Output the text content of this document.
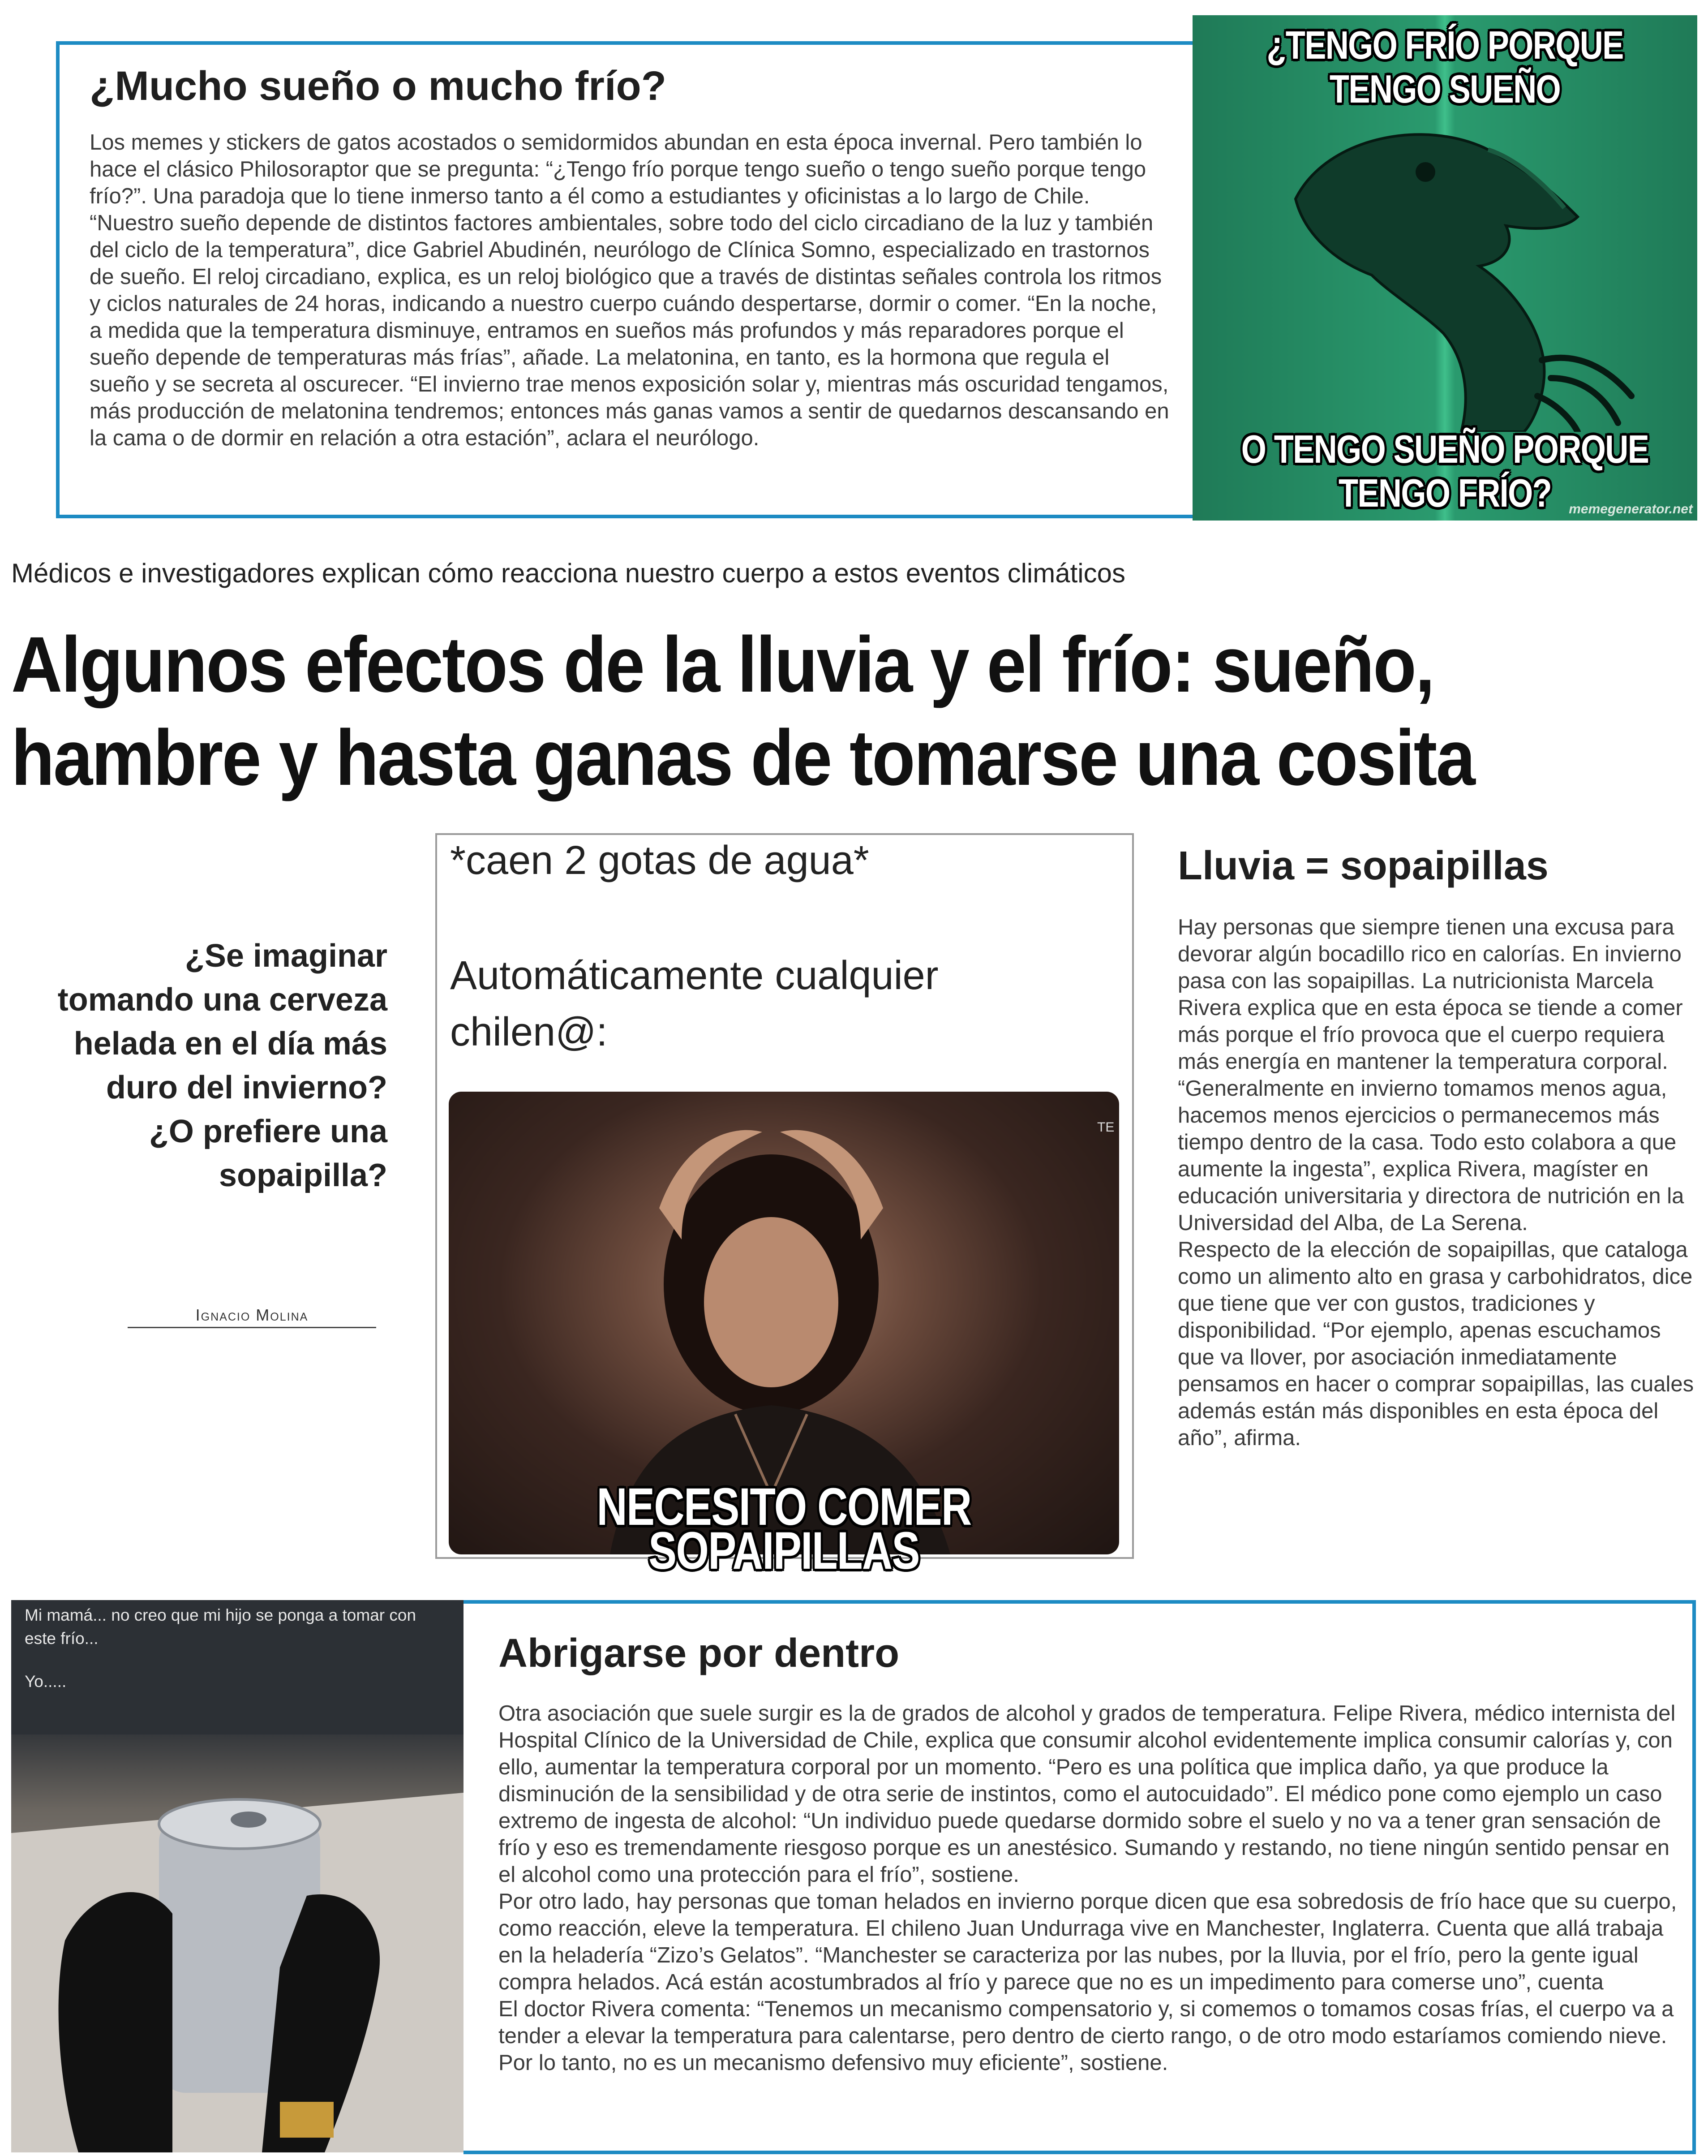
¿Mucho sueño o mucho frío?
Los memes y stickers de gatos acostados o semidormidos abundan en esta época invernal. Pero también lo hace el clásico Philosoraptor que se pregunta: “¿Tengo frío porque tengo sueño o tengo sueño porque tengo frío?”. Una paradoja que lo tiene inmerso tanto a él como a estudiantes y oficinistas a lo largo de Chile. “Nuestro sueño depende de distintos factores ambientales, sobre todo del ciclo circadiano de la luz y también del ciclo de la temperatura”, dice Gabriel Abudinén, neurólogo de Clínica Somno, especializado en trastornos de sueño. El reloj circadiano, explica, es un reloj biológico que a través de distintas señales controla los ritmos y ciclos naturales de 24 horas, indicando a nuestro cuerpo cuándo despertarse, dormir o comer. “En la noche, a medida que la temperatura disminuye, entramos en sueños más profundos y más reparadores porque el sueño depende de temperaturas más frías”, añade. La melatonina, en tanto, es la hormona que regula el sueño y se secreta al oscurecer. “El invierno trae menos exposición solar y, mientras más oscuridad tengamos, más producción de melatonina tendremos; entonces más ganas vamos a sentir de quedarnos descansando en la cama o de dormir en relación a otra estación”, aclara el neurólogo.
¿TENGO FRÍO PORQUE TENGO SUEÑO
O TENGO SUEÑO PORQUE TENGO FRÍO?	memegenerator.net
Médicos e investigadores explican cómo reacciona nuestro cuerpo a estos eventos climáticos
Algunos efectos de la lluvia y el frío: sueño, hambre y hasta ganas de tomarse una cosita
¿Se imaginar tomando una cerveza helada en el día más duro del invierno? ¿O prefiere una sopaipilla?
Ignacio Molina
*caen 2 gotas de agua*
Automáticamente cualquier chilen@:
NECESITO COMER SOPAIPILLAS
TE
Lluvia = sopaipillas
Hay personas que siempre tienen una excusa para devorar algún bocadillo rico en calorías. En invierno pasa con las sopaipillas. La nutricionista Marcela Rivera explica que en esta época se tiende a comer más porque el frío provoca que el cuerpo requiera más energía en mantener la temperatura corporal. “Generalmente en invierno tomamos menos agua, hacemos menos ejercicios o permanecemos más tiempo dentro de la casa. Todo esto colabora a que aumente la ingesta”, explica Rivera, magíster en educación universitaria y directora de nutrición en la Universidad del Alba, de La Serena.
Respecto de la elección de sopaipillas, que cataloga como un alimento alto en grasa y carbohidratos, dice que tiene que ver con gustos, tradiciones y disponibilidad. “Por ejemplo, apenas escuchamos que va llover, por asociación inmediatamente pensamos en hacer o comprar sopaipillas, las cuales además están más disponibles en esta época del año”, afirma.
Mi mamá... no creo que mi hijo se ponga a tomar con este frío...
Yo.....
Abrigarse por dentro
Otra asociación que suele surgir es la de grados de alcohol y grados de temperatura. Felipe Rivera, médico internista del Hospital Clínico de la Universidad de Chile, explica que consumir alcohol evidentemente implica consumir calorías y, con ello, aumentar la temperatura corporal por un momento. “Pero es una política que implica daño, ya que produce la disminución de la sensibilidad y de otra serie de instintos, como el autocuidado”. El médico pone como ejemplo un caso extremo de ingesta de alcohol: “Un individuo puede quedarse dormido sobre el suelo y no va a tener gran sensación de frío y eso es tremendamente riesgoso porque es un anestésico. Sumando y restando, no tiene ningún sentido pensar en el alcohol como una protección para el frío”, sostiene.
Por otro lado, hay personas que toman helados en invierno porque dicen que esa sobredosis de frío hace que su cuerpo, como reacción, eleve la temperatura. El chileno Juan Undurraga vive en Manchester, Inglaterra. Cuenta que allá trabaja en la heladería “Zizo’s Gelatos”. “Manchester se caracteriza por las nubes, por la lluvia, por el frío, pero la gente igual compra helados. Acá están acostumbrados al frío y parece que no es un impedimento para comerse uno”, cuenta
El doctor Rivera comenta: “Tenemos un mecanismo compensatorio y, si comemos o tomamos cosas frías, el cuerpo va a tender a elevar la temperatura para calentarse, pero dentro de cierto rango, o de otro modo estaríamos comiendo nieve. Por lo tanto, no es un mecanismo defensivo muy eficiente”, sostiene.
